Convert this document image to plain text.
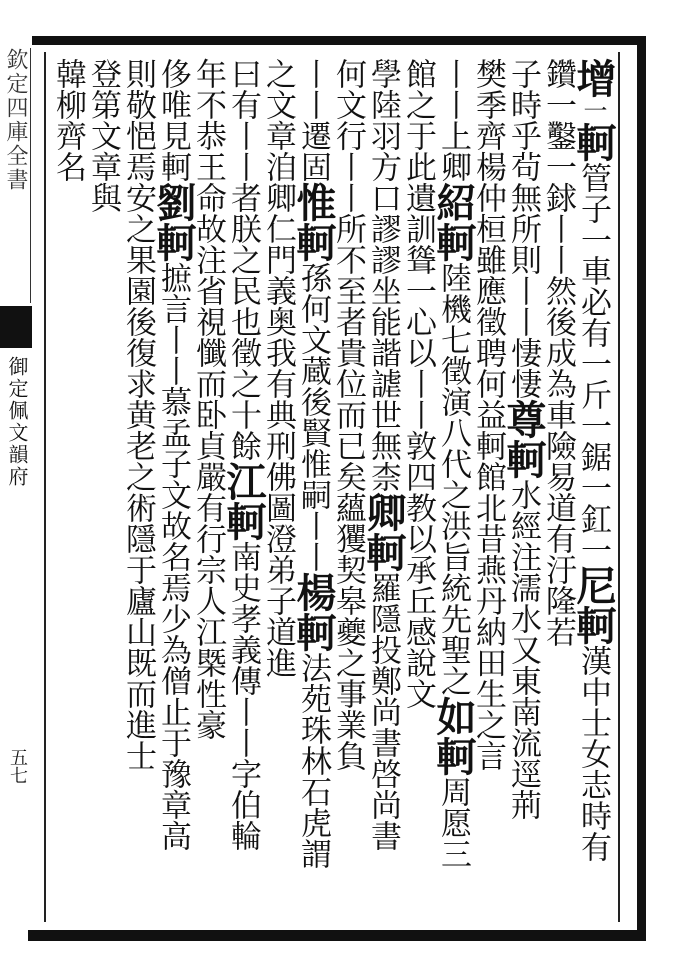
欽定四庫全書
御定佩文韻府
五七
增一軻管子一車必有一斤一鋸一釭一尼軻漢中士女志時有
鑽一鑿一銶丨丨然後成為車險易道有汙隆若
子時乎茍無所則丨丨悽悽尊軻水經注濡水又東南流逕荊
樊季齊楊仲桓雖應徵聘何益軻館北昔燕丹納田生之言
丨丨上卿紹軻陸機七徵演八代之洪旨統先聖之如軻周愿三
館之于此遺訓聳一心以丨丨敦四教以承丘感說文
學陸羽方口謬謬坐能諧謔世無柰卿軻羅隱投鄭尚書啓尚書
何文行丨丨所不至者貴位而已矣蘊玃契皋夔之事業負
丨丨遷固惟軻孫何文蔵後賢惟嗣丨丨楊軻法苑珠林石虎謂
之文章洎卿仁門義奥我有典刑佛圖澄弟子道進
曰有丨丨者朕之民也徵之十餘江軻南史孝義傳丨丨字伯輪
年不恭王命故注省視懺而卧貞嚴有行宗人江槩性豪
侈唯見軻劉軻摭言丨丨慕孟子文故名焉少為僧止于豫章高
則敬悒焉安之果園後復求黄老之術隱于廬山既而進士
登第文章與
韓柳齊名
